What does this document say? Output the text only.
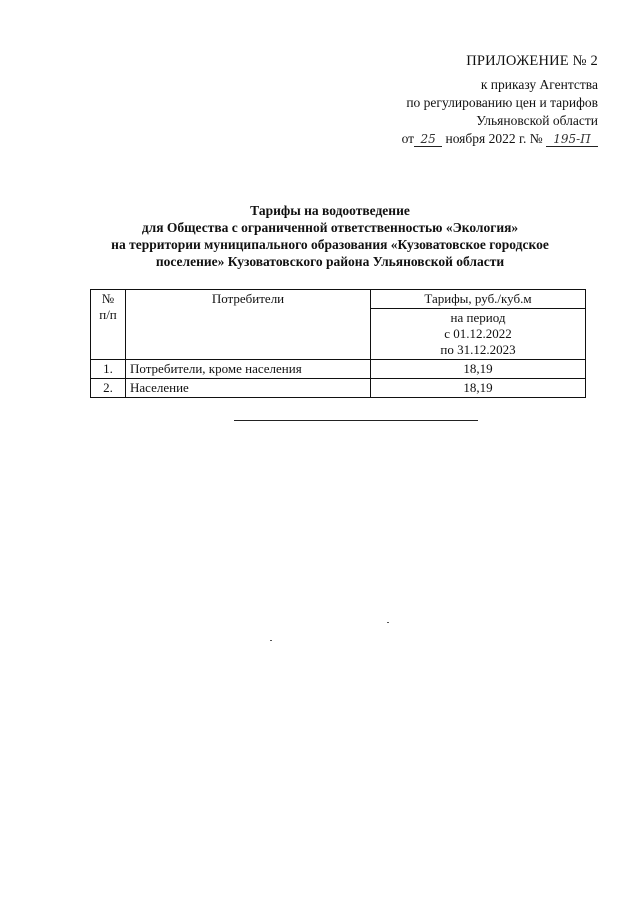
ПРИЛОЖЕНИЕ № 2
к приказу Агентства
по регулированию цен и тарифов
Ульяновской области
от 25 ноября 2022 г. № 195-П
Тарифы на водоотведение
для Общества с ограниченной ответственностью «Экология»
на территории муниципального образования «Кузоватовское городское
поселение» Кузоватовского района Ульяновской области
№ п/п	Потребители	Тарифы, руб./куб.м

		на период
с 01.12.2022
по 31.12.2023

1.	Потребители, кроме населения	18,19
2.	Население	18,19
